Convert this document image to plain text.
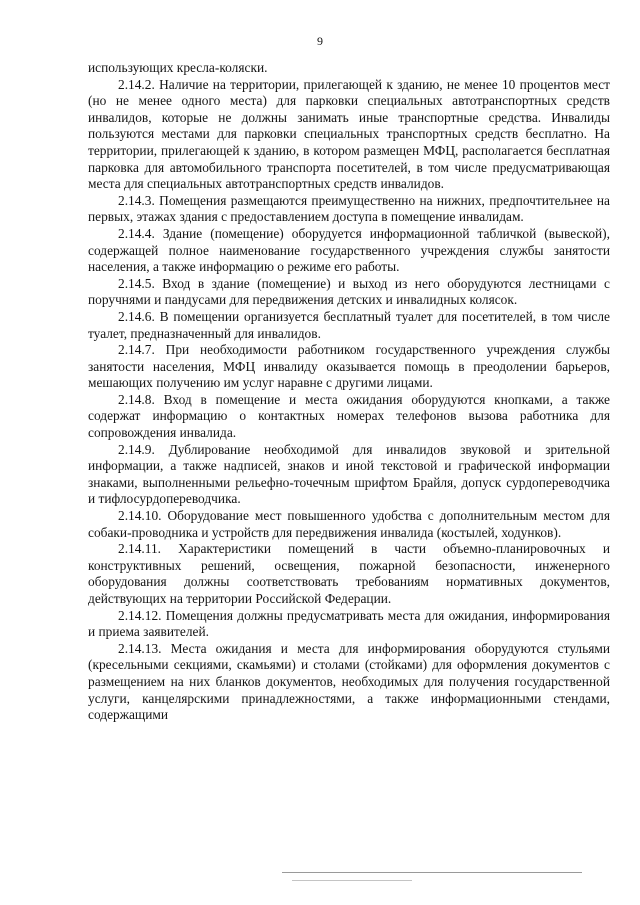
9

использующих кресла-коляски.

2.14.2. Наличие на территории, прилегающей к зданию, не менее 10 процентов мест (но не менее одного места) для парковки специальных автотранспортных средств инвалидов, которые не должны занимать иные транспортные средства. Инвалиды пользуются местами для парковки специальных транспортных средств бесплатно. На территории, прилегающей к зданию, в котором размещен МФЦ, располагается бесплатная парковка для автомобильного транспорта посетителей, в том числе предусматривающая места для специальных автотранспортных средств инвалидов.

2.14.3. Помещения размещаются преимущественно на нижних, предпочтительнее на первых, этажах здания с предоставлением доступа в помещение инвалидам.

2.14.4. Здание (помещение) оборудуется информационной табличкой (вывеской), содержащей полное наименование государственного учреждения службы занятости населения, а также информацию о режиме его работы.

2.14.5. Вход в здание (помещение) и выход из него оборудуются лестницами с поручнями и пандусами для передвижения детских и инвалидных колясок.

2.14.6. В помещении организуется бесплатный туалет для посетителей, в том числе туалет, предназначенный для инвалидов.

2.14.7. При необходимости работником государственного учреждения службы занятости населения, МФЦ инвалиду оказывается помощь в преодолении барьеров, мешающих получению им услуг наравне с другими лицами.

2.14.8. Вход в помещение и места ожидания оборудуются кнопками, а также содержат информацию о контактных номерах телефонов вызова работника для сопровождения инвалида.

2.14.9. Дублирование необходимой для инвалидов звуковой и зрительной информации, а также надписей, знаков и иной текстовой и графической информации знаками, выполненными рельефно-точечным шрифтом Брайля, допуск сурдопереводчика и тифлосурдопереводчика.

2.14.10. Оборудование мест повышенного удобства с дополнительным местом для собаки-проводника и устройств для передвижения инвалида (костылей, ходунков).

2.14.11. Характеристики помещений в части объемно-планировочных и конструктивных решений, освещения, пожарной безопасности, инженерного оборудования должны соответствовать требованиям нормативных документов, действующих на территории Российской Федерации.

2.14.12. Помещения должны предусматривать места для ожидания, информирования и приема заявителей.

2.14.13. Места ожидания и места для информирования оборудуются стульями (кресельными секциями, скамьями) и столами (стойками) для оформления документов с размещением на них бланков документов, необходимых для получения государственной услуги, канцелярскими принадлежностями, а также информационными стендами, содержащими
